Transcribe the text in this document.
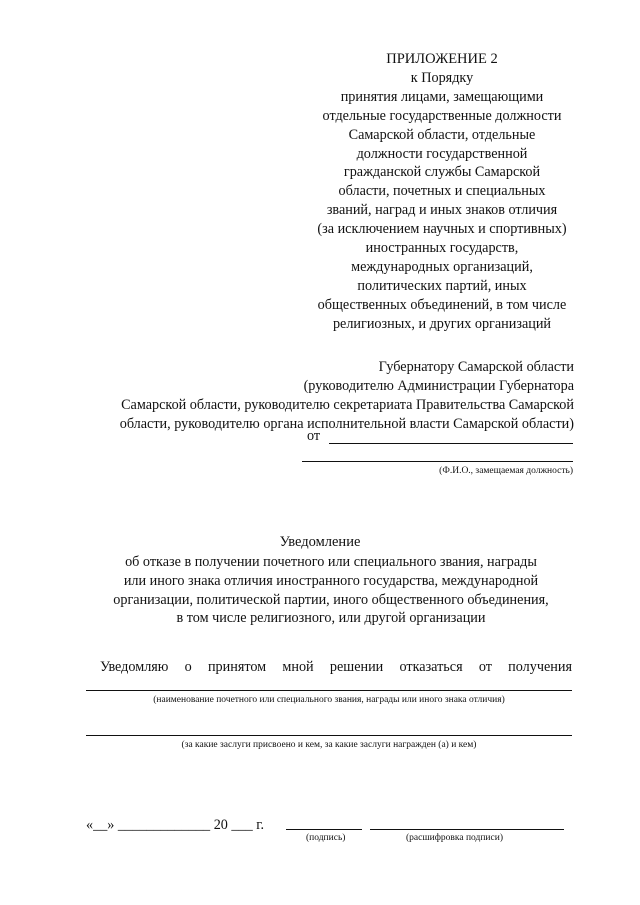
ПРИЛОЖЕНИЕ 2
к Порядку
принятия лицами, замещающими
отдельные государственные должности
Самарской области, отдельные
должности государственной
гражданской службы Самарской
области, почетных и специальных
званий, наград и иных знаков отличия
(за исключением научных и спортивных)
иностранных государств,
международных организаций,
политических партий, иных
общественных объединений, в том числе
религиозных, и других организаций
Губернатору Самарской области
(руководителю Администрации Губернатора
Самарской области, руководителю секретариата Правительства Самарской
области, руководителю органа исполнительной власти Самарской области)
от
(Ф.И.О., замещаемая должность)
Уведомление
об отказе в получении почетного или специального звания, награды
или иного знака отличия иностранного государства, международной
организации, политической партии, иного общественного объединения,
в том числе религиозного, или другой организации
Уведомляю о принятом мной решении отказаться от получения
(наименование почетного или специального звания, награды или иного знака отличия)
(за какие заслуги присвоено и кем, за какие заслуги награжден (а) и кем)
«__» _____________ 20 ___ г.
(подпись)	(расшифровка подписи)
